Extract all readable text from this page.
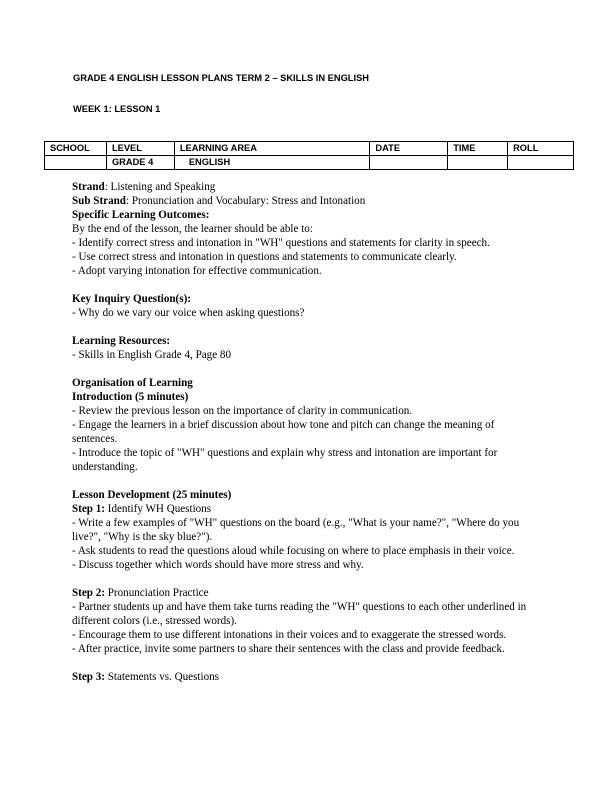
GRADE 4 ENGLISH LESSON PLANS TERM 2 – SKILLS IN ENGLISH
WEEK 1: LESSON 1
SCHOOL	LEVEL	LEARNING AREA	DATE	TIME	ROLL
	GRADE 4	ENGLISH			

Strand: Listening and Speaking

Sub Strand: Pronunciation and Vocabulary: Stress and Intonation

Specific Learning Outcomes:

By the end of the lesson, the learner should be able to:

- Identify correct stress and intonation in "WH" questions and statements for clarity in speech.

- Use correct stress and intonation in questions and statements to communicate clearly.

- Adopt varying intonation for effective communication.

Key Inquiry Question(s):

- Why do we vary our voice when asking questions?

Learning Resources:

- Skills in English Grade 4, Page 80

Organisation of Learning

Introduction (5 minutes)

- Review the previous lesson on the importance of clarity in communication.

- Engage the learners in a brief discussion about how tone and pitch can change the meaning of sentences.

- Introduce the topic of "WH" questions and explain why stress and intonation are important for understanding.

Lesson Development (25 minutes)

Step 1: Identify WH Questions

- Write a few examples of "WH" questions on the board (e.g., "What is your name?", "Where do you live?", "Why is the sky blue?").

- Ask students to read the questions aloud while focusing on where to place emphasis in their voice.

- Discuss together which words should have more stress and why.

Step 2: Pronunciation Practice

- Partner students up and have them take turns reading the "WH" questions to each other underlined in different colors (i.e., stressed words).

- Encourage them to use different intonations in their voices and to exaggerate the stressed words.

- After practice, invite some partners to share their sentences with the class and provide feedback.

Step 3: Statements vs. Questions
